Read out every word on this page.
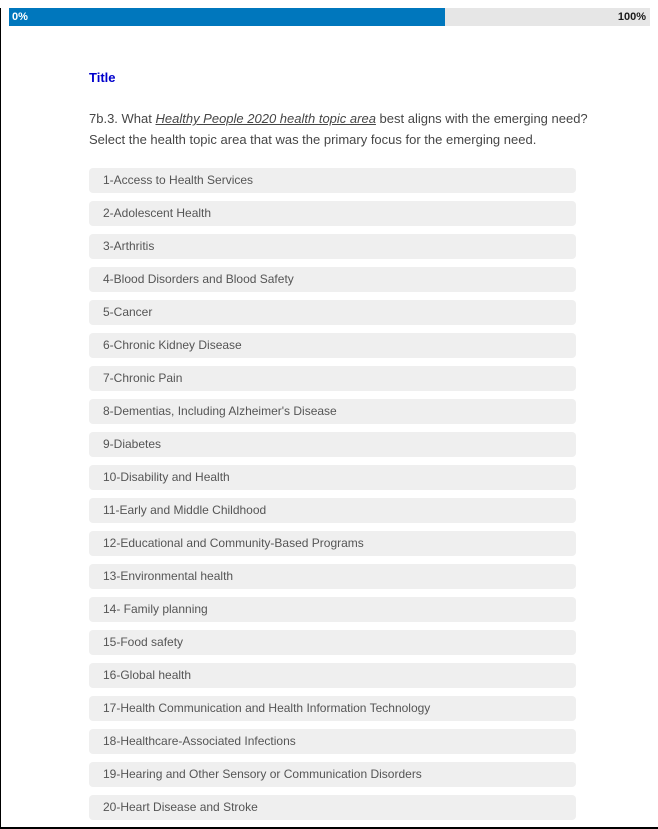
0%	100%
Title
7b.3. What Healthy People 2020 health topic area best aligns with the emerging need?
Select the health topic area that was the primary focus for the emerging need.
1-Access to Health Services
2-Adolescent Health
3-Arthritis
4-Blood Disorders and Blood Safety
5-Cancer
6-Chronic Kidney Disease
7-Chronic Pain
8-Dementias, Including Alzheimer's Disease
9-Diabetes
10-Disability and Health
11-Early and Middle Childhood
12-Educational and Community-Based Programs
13-Environmental health
14- Family planning
15-Food safety
16-Global health
17-Health Communication and Health Information Technology
18-Healthcare-Associated Infections
19-Hearing and Other Sensory or Communication Disorders
20-Heart Disease and Stroke
